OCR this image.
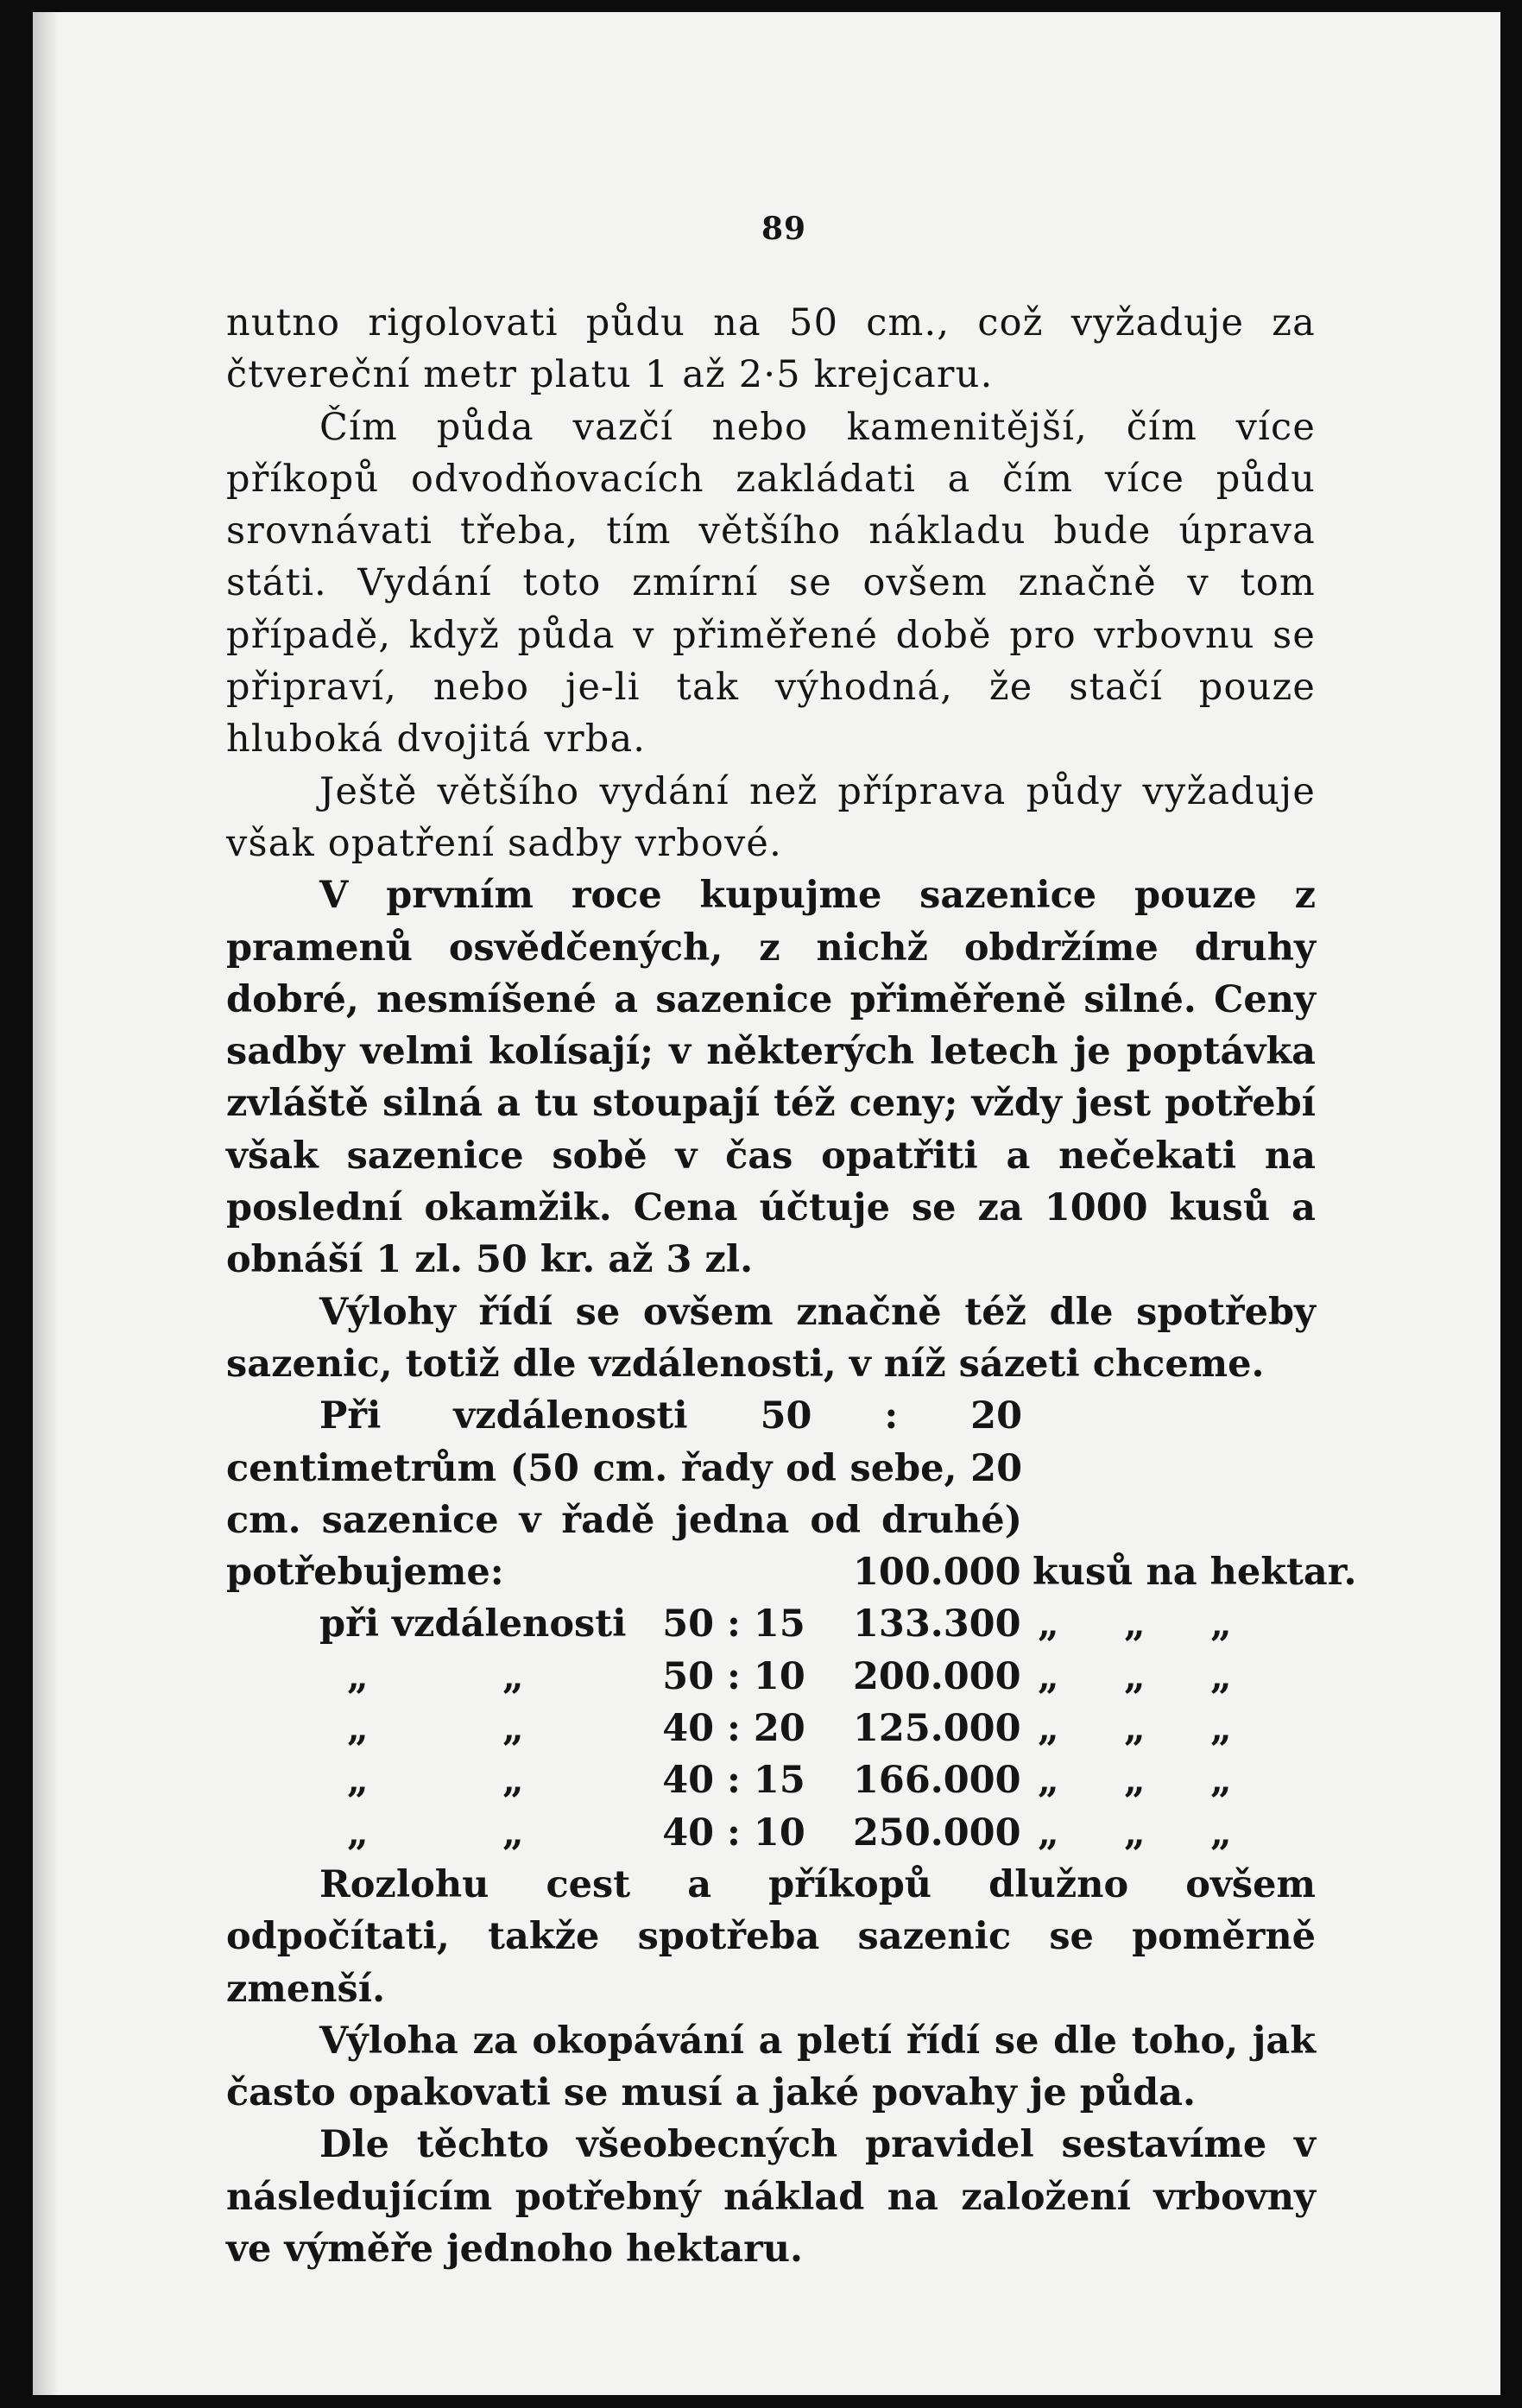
89

nutno rigolovati půdu na 50 cm., což vyžaduje za čtvereční metr platu 1 až 2·5 krejcaru.

Čím půda vazčí nebo kamenitější, čím více příkopů odvodňovacích zakládati a čím více půdu srovnávati třeba, tím většího nákladu bude úprava státi. Vydání toto zmírní se ovšem značně v tom případě, když půda v přiměřené době pro vrbovnu se připraví, nebo je-li tak výhodná, že stačí pouze hluboká dvojitá vrba.

Ještě většího vydání než příprava půdy vyžaduje však opatření sadby vrbové.

V prvním roce kupujme sazenice pouze z pramenů osvědčených, z nichž obdržíme druhy dobré, nesmíšené a sazenice přiměřeně silné. Ceny sadby velmi kolísají; v některých letech je poptávka zvláště silná a tu stoupají též ceny; vždy jest potřebí však sazenice sobě v čas opatřiti a nečekati na poslední okamžik. Cena účtuje se za 1000 kusů a obnáší 1 zl. 50 kr. až 3 zl.

Výlohy řídí se ovšem značně též dle spotřeby sazenic, totiž dle vzdálenosti, v níž sázeti chceme.

Při vzdálenosti 50 : 20 centimetrům (50 cm. řady od sebe, 20 cm. sazenice v řadě jedna od druhé) potřebujeme:	100.000 kusů na hektar.
při vzdálenosti 50 : 15	133.300 „ „ „
„	„	50 : 10	200.000 „ „ „
„	„	40 : 20	125.000 „ „ „
„	„	40 : 15	166.000 „ „ „
„	„	40 : 10	250.000 „ „ „

Rozlohu cest a příkopů dlužno ovšem odpočítati, takže spotřeba sazenic se poměrně zmenší.

Výloha za okopávání a pletí řídí se dle toho, jak často opakovati se musí a jaké povahy je půda.

Dle těchto všeobecných pravidel sestavíme v následujícím potřebný náklad na založení vrbovny ve výměře jednoho hektaru.
